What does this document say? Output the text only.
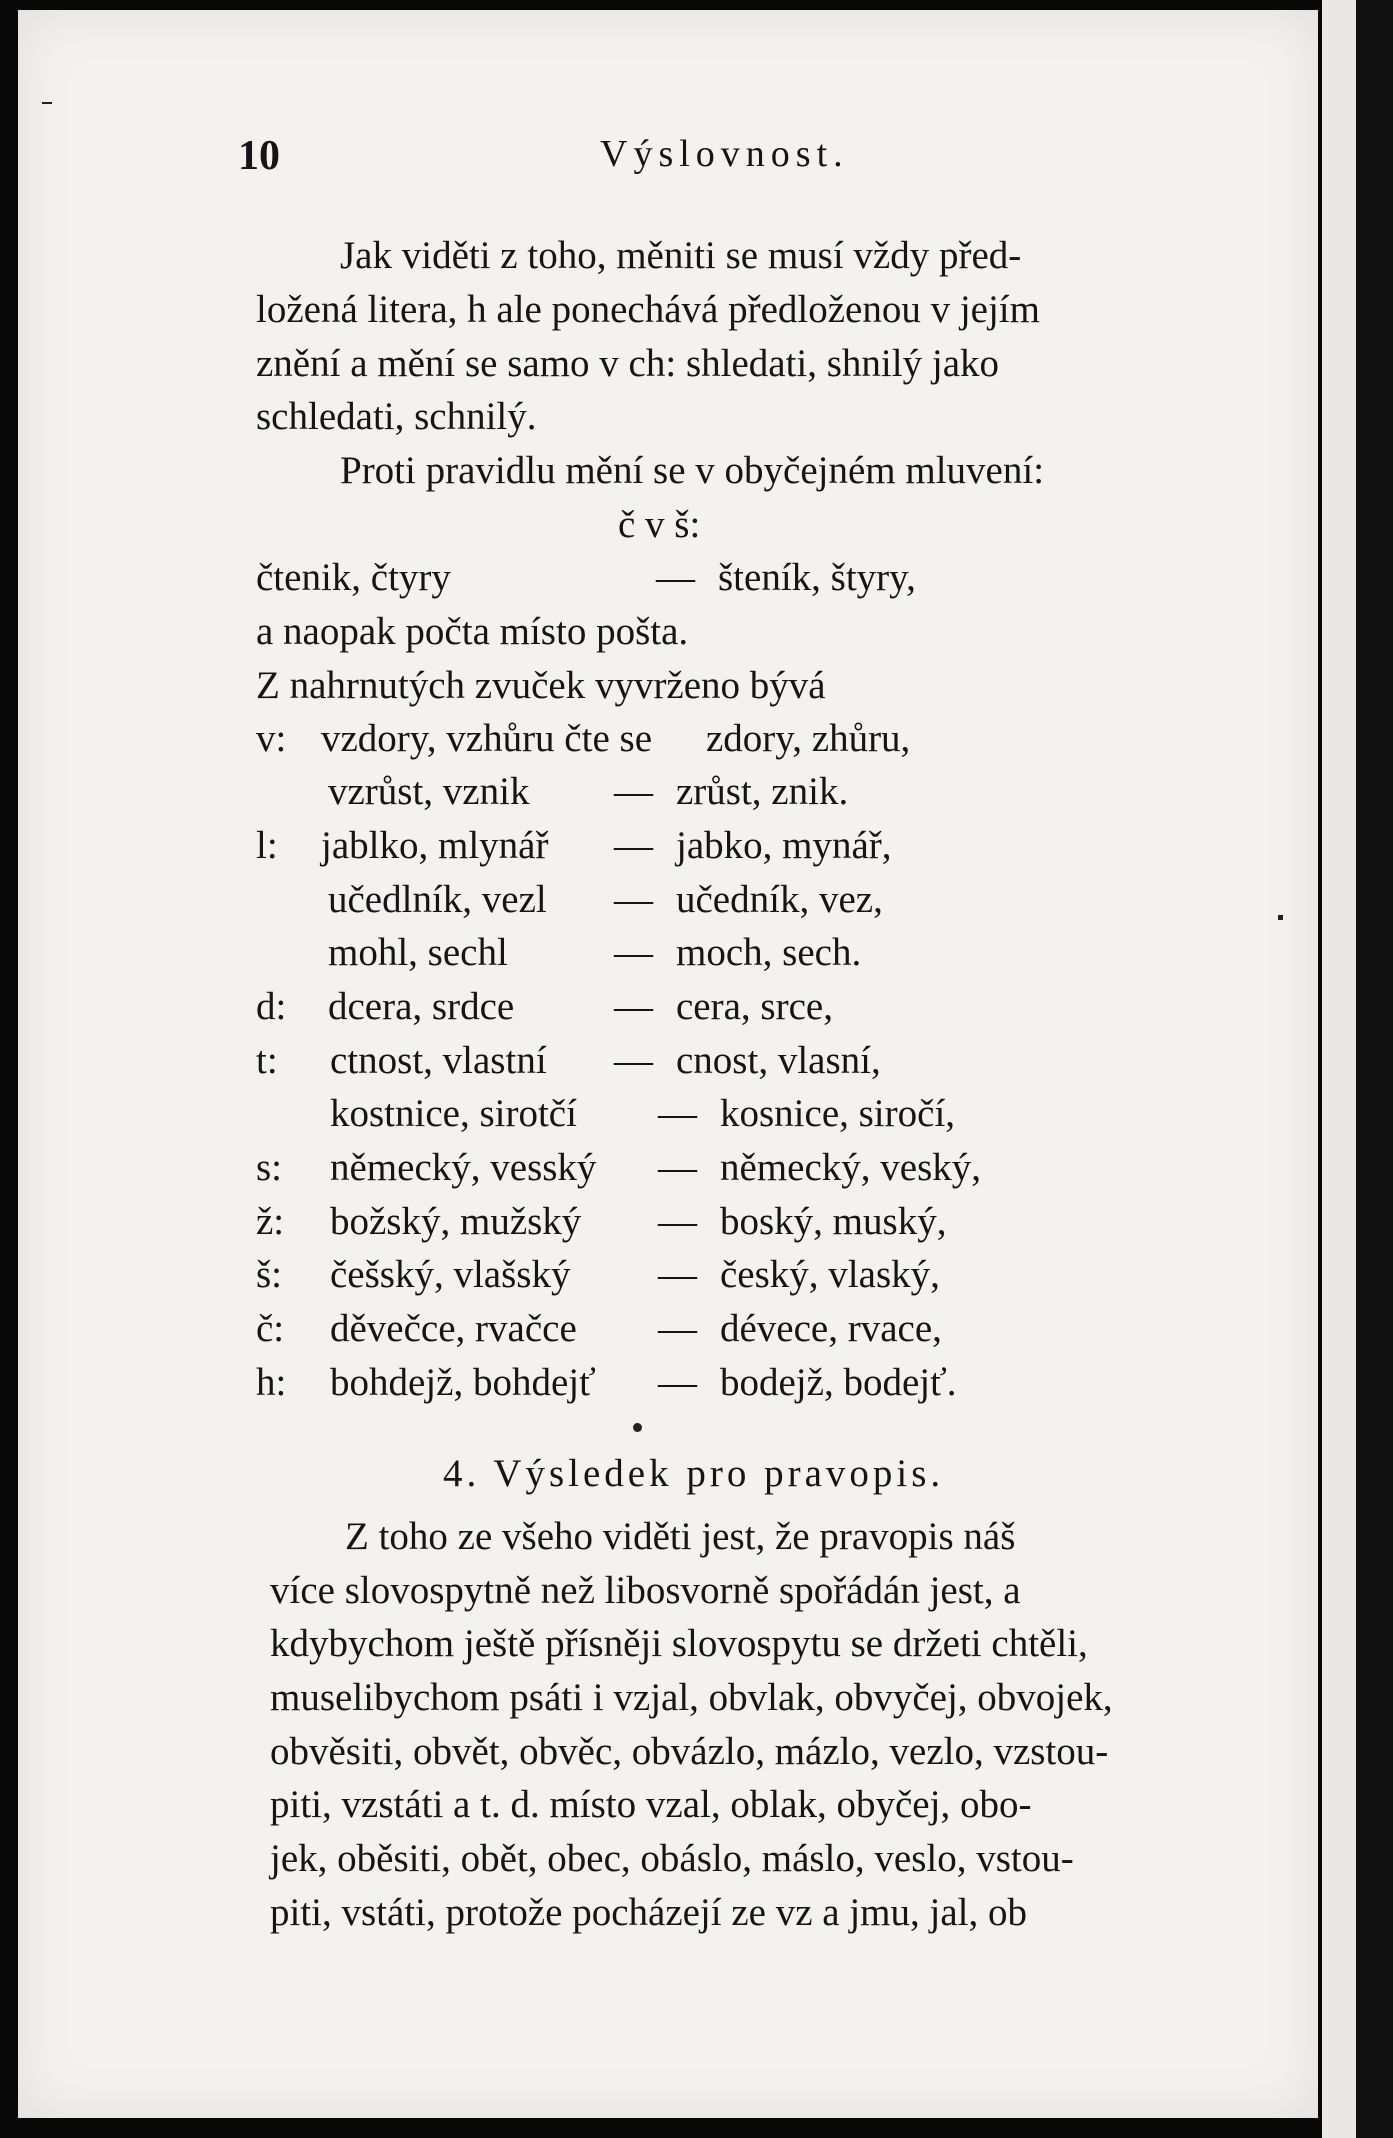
10	Výslovnost.
Jak viděti z toho, měniti se musí vždy před-
ložená litera, h ale ponechává předloženou v jejím
znění a mění se samo v ch: shledati, shnilý jako
schledati, schnilý.
Proti pravidlu mění se v obyčejném mluvení:
č v š:
čtenik, čtyry	— šteník, štyry,
a naopak počta místo pošta.
Z nahrnutých zvuček vyvrženo bývá
v: vzdory, vzhůru čte se zdory, zhůru,
vzrůst, vznik — zrůst, znik.
l: jablko, mlynář — jabko, mynář,
učedlník, vezl — učedník, vez,
mohl, sechl	— moch, sech.
d: dcera, srdce	— cera, srce,
t: ctnost, vlastní — cnost, vlasní,
kostnice, sirotčí — kosnice, siročí,
s: německý, vesský — německý, veský,
ž: božský, mužský — boský, muský,
š: češský, vlašský — český, vlaský,
č: děvečce, rvačce — dévece, rvace,
h: bohdejž, bohdejť — bodejž, bodejť.
4. Výsledek pro pravopis.
Z toho ze všeho viděti jest, že pravopis náš
více slovospytně než libosvorně spořádán jest, a
kdybychom ještě přísněji slovospytu se držeti chtěli,
muselibychom psáti i vzjal, obvlak, obvyčej, obvojek,
obvěsiti, obvět, obvěc, obvázlo, mázlo, vezlo, vzstou-
piti, vzstáti a t. d. místo vzal, oblak, obyčej, obo-
jek, oběsiti, obět, obec, obáslo, máslo, veslo, vstou-
piti, vstáti, protože pocházejí ze vz a jmu, jal, ob
